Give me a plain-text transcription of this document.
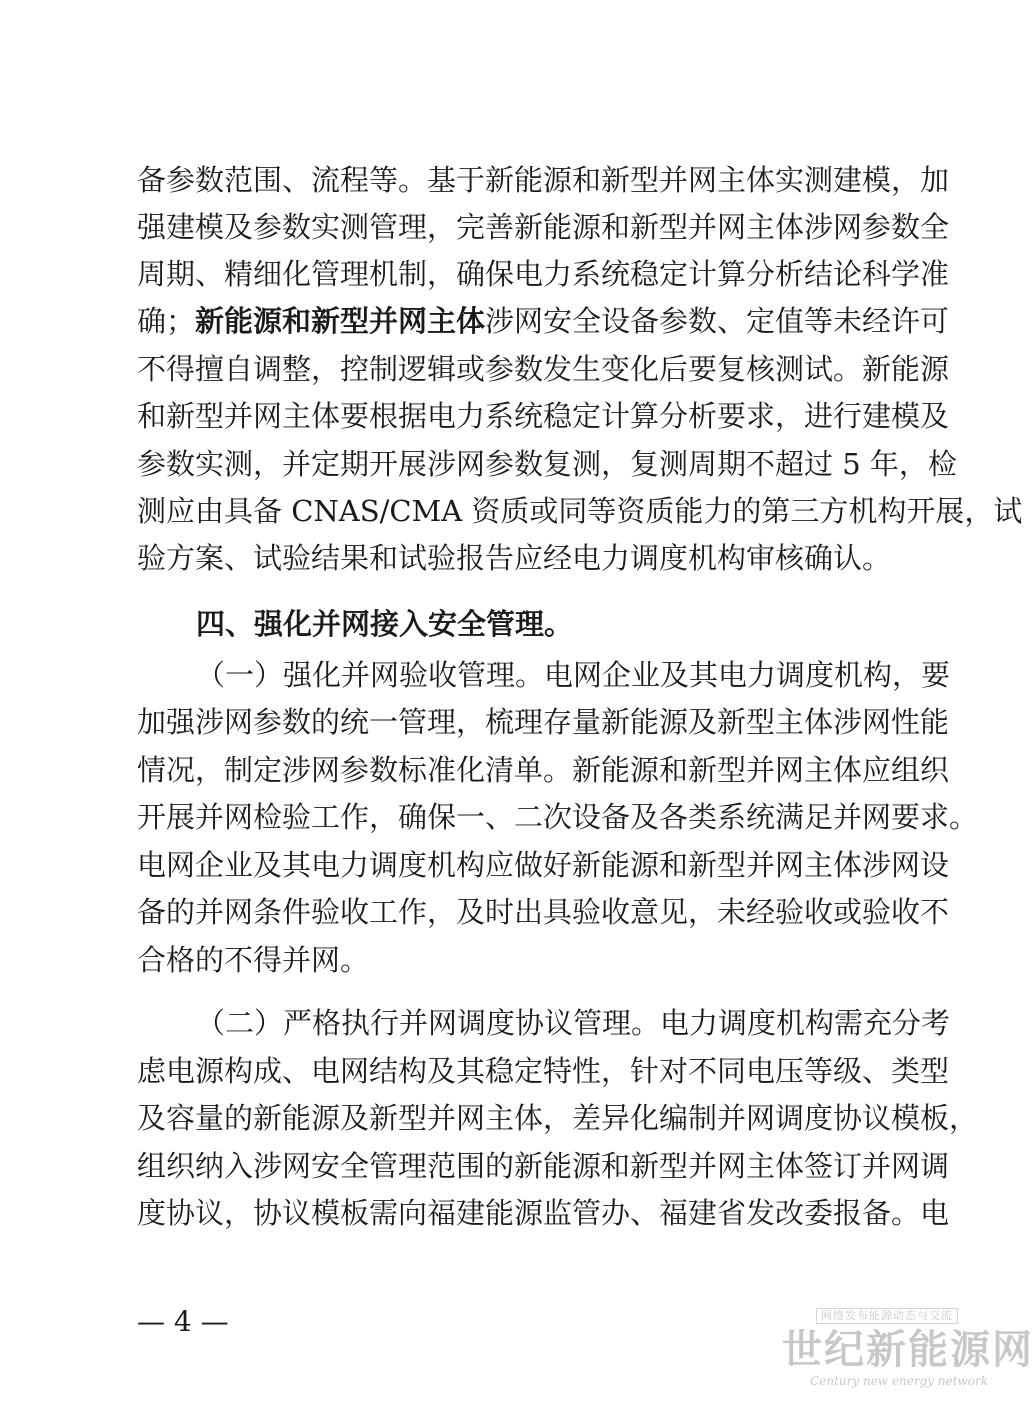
备参数范围、流程等。基于新能源和新型并网主体实测建模，加
强建模及参数实测管理，完善新能源和新型并网主体涉网参数全
周期、精细化管理机制，确保电力系统稳定计算分析结论科学准
确；新能源和新型并网主体涉网安全设备参数、定值等未经许可
不得擅自调整，控制逻辑或参数发生变化后要复核测试。新能源
和新型并网主体要根据电力系统稳定计算分析要求，进行建模及
参数实测，并定期开展涉网参数复测，复测周期不超过 5 年，检
测应由具备 CNAS/CMA 资质或同等资质能力的第三方机构开展，试
验方案、试验结果和试验报告应经电力调度机构审核确认。
四、强化并网接入安全管理。
（一）强化并网验收管理。电网企业及其电力调度机构，要
加强涉网参数的统一管理，梳理存量新能源及新型主体涉网性能
情况，制定涉网参数标准化清单。新能源和新型并网主体应组织
开展并网检验工作，确保一、二次设备及各类系统满足并网要求。
电网企业及其电力调度机构应做好新能源和新型并网主体涉网设
备的并网条件验收工作，及时出具验收意见，未经验收或验收不
合格的不得并网。
（二）严格执行并网调度协议管理。电力调度机构需充分考
虑电源构成、电网结构及其稳定特性，针对不同电压等级、类型
及容量的新能源及新型并网主体，差异化编制并网调度协议模板，
组织纳入涉网安全管理范围的新能源和新型并网主体签订并网调
度协议，协议模板需向福建能源监管办、福建省发改委报备。电
— 4 —	网络发布能源动态与交流
世纪新能源网
Century new energy network
